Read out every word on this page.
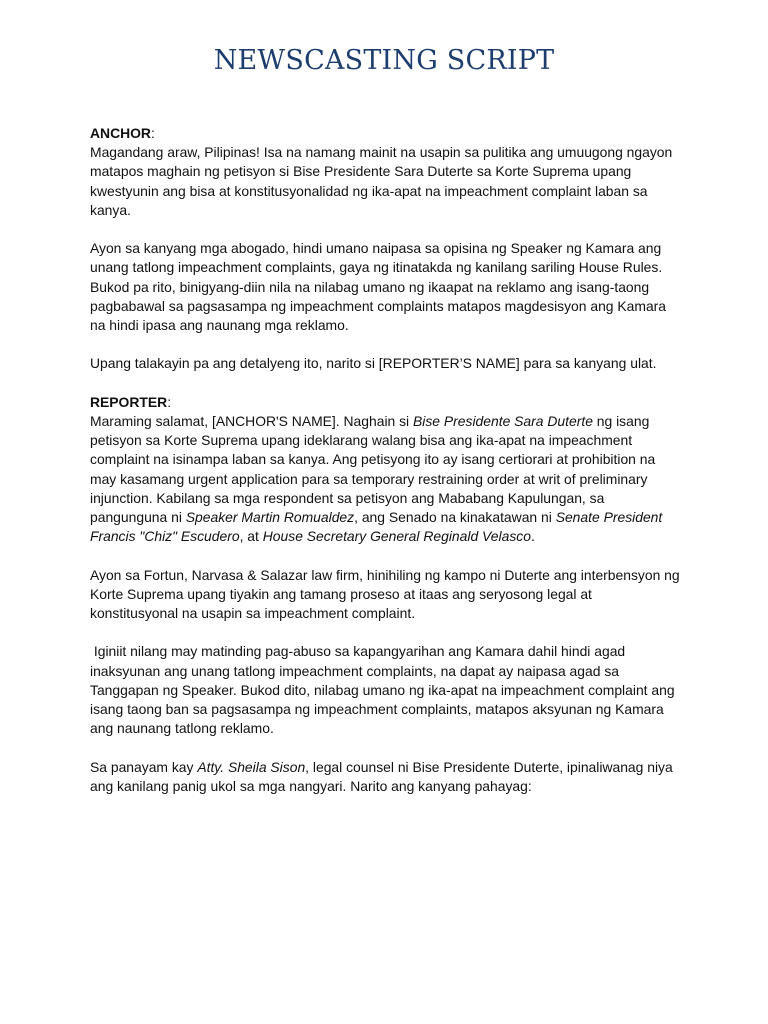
NEWSCASTING SCRIPT

ANCHOR:
Magandang araw, Pilipinas! Isa na namang mainit na usapin sa pulitika ang umuugong ngayon matapos maghain ng petisyon si Bise Presidente Sara Duterte sa Korte Suprema upang kwestyunin ang bisa at konstitusyonalidad ng ika-apat na impeachment complaint laban sa kanya.

Ayon sa kanyang mga abogado, hindi umano naipasa sa opisina ng Speaker ng Kamara ang unang tatlong impeachment complaints, gaya ng itinatakda ng kanilang sariling House Rules. Bukod pa rito, binigyang-diin nila na nilabag umano ng ikaapat na reklamo ang isang-taong pagbabawal sa pagsasampa ng impeachment complaints matapos magdesisyon ang Kamara na hindi ipasa ang naunang mga reklamo.

Upang talakayin pa ang detalyeng ito, narito si [REPORTER’S NAME] para sa kanyang ulat.

REPORTER:
Maraming salamat, [ANCHOR'S NAME]. Naghain si Bise Presidente Sara Duterte ng isang petisyon sa Korte Suprema upang ideklarang walang bisa ang ika-apat na impeachment complaint na isinampa laban sa kanya. Ang petisyong ito ay isang certiorari at prohibition na may kasamang urgent application para sa temporary restraining order at writ of preliminary injunction. Kabilang sa mga respondent sa petisyon ang Mababang Kapulungan, sa pangunguna ni Speaker Martin Romualdez, ang Senado na kinakatawan ni Senate President Francis "Chiz" Escudero, at House Secretary General Reginald Velasco.

Ayon sa Fortun, Narvasa & Salazar law firm, hinihiling ng kampo ni Duterte ang interbensyon ng Korte Suprema upang tiyakin ang tamang proseso at itaas ang seryosong legal at konstitusyonal na usapin sa impeachment complaint.

Iginiit nilang may matinding pag-abuso sa kapangyarihan ang Kamara dahil hindi agad inaksyunan ang unang tatlong impeachment complaints, na dapat ay naipasa agad sa Tanggapan ng Speaker. Bukod dito, nilabag umano ng ika-apat na impeachment complaint ang isang taong ban sa pagsasampa ng impeachment complaints, matapos aksyunan ng Kamara ang naunang tatlong reklamo.

Sa panayam kay Atty. Sheila Sison, legal counsel ni Bise Presidente Duterte, ipinaliwanag niya ang kanilang panig ukol sa mga nangyari. Narito ang kanyang pahayag:
